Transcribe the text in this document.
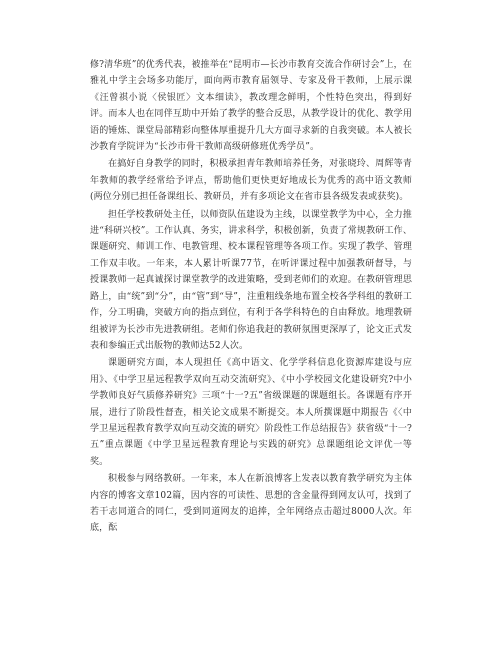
修?清华班”的优秀代表，被推举在“昆明市—长沙市教育交流合作研讨会”上，在雅礼中学主会场多功能厅，面向两市教育届领导、专家及骨干教师，上展示课《汪曾祺小说〈侯银匠〉文本细读》，教改理念鲜明，个性特色突出，得到好评。而本人也在同伴互助中开始了教学的整合反思，从教学设计的优化、教学用语的锤炼、课堂局部精彩向整体厚重提升几大方面寻求新的自我突破。本人被长沙教育学院评为“长沙市骨干教师高级研修班优秀学员”。

在搞好自身教学的同时，积极承担青年教师培养任务，对张晓玲、周辉等青年教师的教学经常给予评点，帮助他们更快更好地成长为优秀的高中语文教师(两位分别已担任备课组长、教研员，并有多项论文在省市县各级发表或获奖)。

担任学校教研处主任，以师资队伍建设为主线，以课堂教学为中心，全力推进“科研兴校”。工作认真、务实，讲求科学，积极创新，负责了常规教研工作、课题研究、师训工作、电教管理、校本课程管理等各项工作。实现了教学、管理工作双丰收。一年来，本人累计听课77节，在听评课过程中加强教研督导，与授课教师一起真诚探讨课堂教学的改进策略，受到老师们的欢迎。在教研管理思路上，由“统”到“分”，由“管”到“导”，注重粗线条地布置全校各学科组的教研工作，分工明确，突破方向的指点到位，有利于各学科特色的自由释放。地理教研组被评为长沙市先进教研组。老师们你追我赶的教研氛围更深厚了，论文正式发表和参编正式出版物的教师达52人次。

课题研究方面，本人现担任《高中语文、化学学科信息化资源库建设与应用》、《中学卫星远程教学双向互动交流研究》、《中小学校园文化建设研究?中小学教师良好气质修养研究》三项“十一?五”省级课题的课题组长。各课题有序开展，进行了阶段性督查，相关论文成果不断提交。本人所撰课题中期报告《〈中学卫星远程教育教学双向互动交流的研究〉阶段性工作总结报告》获省级“十一?五”重点课题《中学卫星远程教育理论与实践的研究》总课题组论文评优一等奖。

积极参与网络教研。一年来，本人在新浪博客上发表以教育教学研究为主体内容的博客文章102篇，因内容的可读性、思想的含金量得到网友认可，找到了若干志同道合的同仁，受到同道网友的追捧，全年网络点击超过8000人次。年底，酝
